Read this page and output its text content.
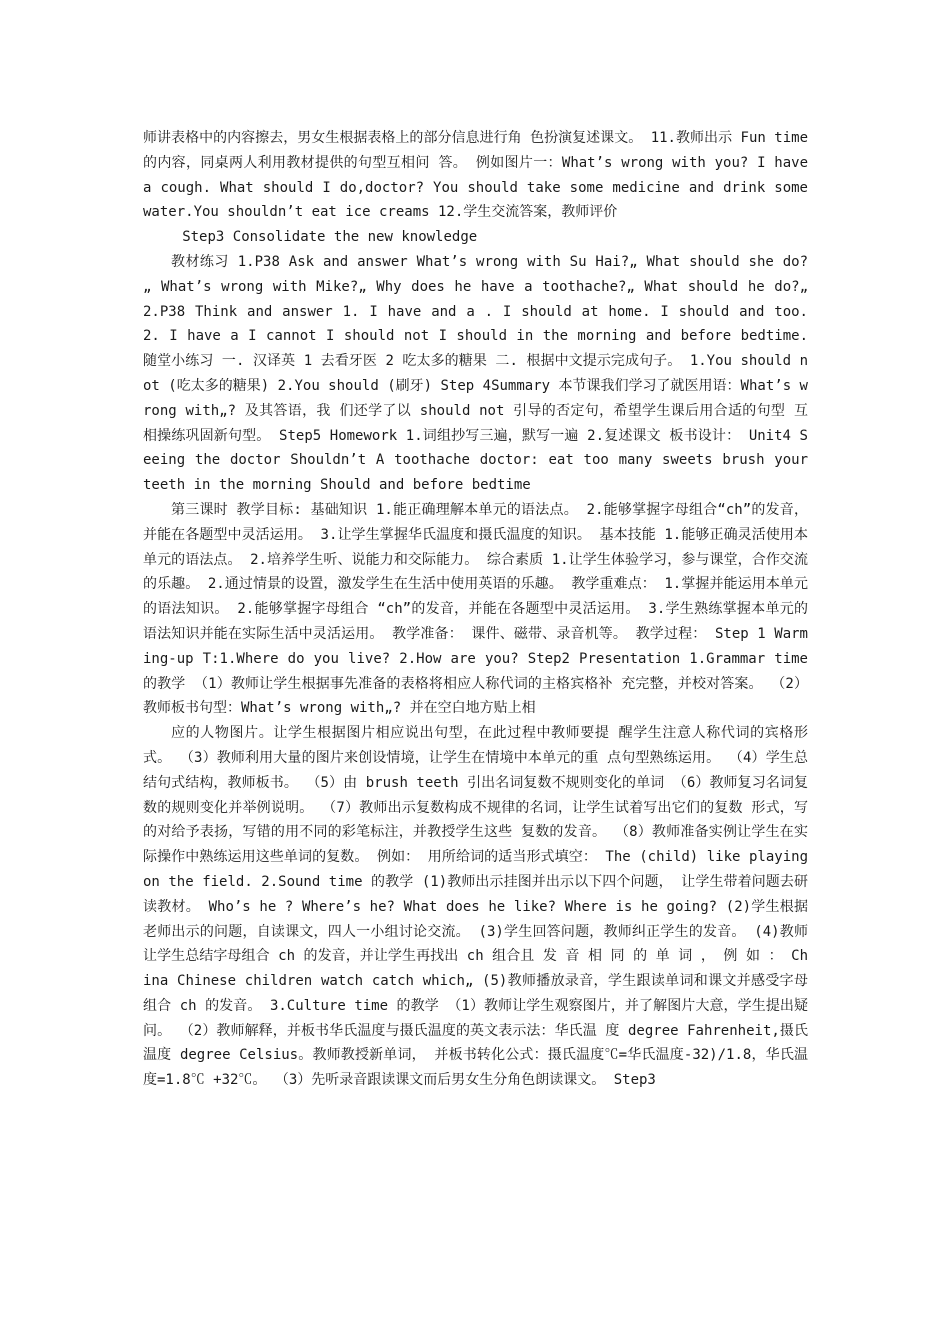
师讲表格中的内容擦去，男女生根据表格上的部分信息进行角 色扮演复述课文。 11.教师出示 Fun time 的内容，同桌两人利用教材提供的句型互相问 答。 例如图片一：What’s wrong with you? I have a cough. What should I do,doctor? You should take some medicine and drink some water.You shouldn’t eat ice creams 12.学生交流答案，教师评价

Step3 Consolidate the new knowledge

教材练习 1.P38 Ask and answer What’s wrong with Su Hai?„ What should she do?„ What’s wrong with Mike?„ Why does he have a toothache?„ What should he do?„ 2.P38 Think and answer 1. I have and a . I should at home. I should and too. 2. I have a I cannot I should not I should in the morning and before bedtime. 随堂小练习 一. 汉译英 1 去看牙医 2 吃太多的糖果 二. 根据中文提示完成句子。 1.You should not (吃太多的糖果) 2.You should (刷牙) Step 4Summary 本节课我们学习了就医用语：What’s wrong with„? 及其答语，我 们还学了以 should not 引导的否定句，希望学生课后用合适的句型 互相操练巩固新句型。 Step5 Homework 1.词组抄写三遍，默写一遍 2.复述课文 板书设计： Unit4 Seeing the doctor Shouldn’t A toothache doctor: eat too many sweets brush your teeth in the morning Should and before bedtime

第三课时 教学目标: 基础知识 1.能正确理解本单元的语法点。 2.能够掌握字母组合“ch”的发音，并能在各题型中灵活运用。 3.让学生掌握华氏温度和摄氏温度的知识。 基本技能 1.能够正确灵活使用本单元的语法点。 2.培养学生听、说能力和交际能力。 综合素质 1.让学生体验学习，参与课堂，合作交流的乐趣。 2.通过情景的设置，激发学生在生活中使用英语的乐趣。 教学重难点： 1.掌握并能运用本单元的语法知识。 2.能够掌握字母组合 “ch”的发音，并能在各题型中灵活运用。 3.学生熟练掌握本单元的语法知识并能在实际生活中灵活运用。 教学准备： 课件、磁带、录音机等。 教学过程： Step 1 Warming-up T:1.Where do you live? 2.How are you? Step2 Presentation 1.Grammar time 的教学 （1）教师让学生根据事先准备的表格将相应人称代词的主格宾格补 充完整，并校对答案。 （2）教师板书句型：What’s wrong with„? 并在空白地方贴上相

应的人物图片。让学生根据图片相应说出句型，在此过程中教师要提 醒学生注意人称代词的宾格形式。 （3）教师利用大量的图片来创设情境，让学生在情境中本单元的重 点句型熟练运用。 （4）学生总结句式结构，教师板书。 （5）由 brush teeth 引出名词复数不规则变化的单词 （6）教师复习名词复数的规则变化并举例说明。 （7）教师出示复数构成不规律的名词，让学生试着写出它们的复数 形式，写的对给予表扬，写错的用不同的彩笔标注，并教授学生这些 复数的发音。 （8）教师准备实例让学生在实际操作中熟练运用这些单词的复数。 例如： 用所给词的适当形式填空： The (child) like playing on the field. 2.Sound time 的教学 (1)教师出示挂图并出示以下四个问题， 让学生带着问题去研读教材。 Who’s he ? Where’s he? What does he like? Where is he going? (2)学生根据老师出示的问题，自读课文，四人一小组讨论交流。 (3)学生回答问题，教师纠正学生的发音。 (4)教师让学生总结字母组合 ch 的发音，并让学生再找出 ch 组合且 发 音 相 同 的 单 词 ， 例 如 ： China Chinese children watch catch which„ (5)教师播放录音，学生跟读单词和课文并感受字母组合 ch 的发音。 3.Culture time 的教学 （1）教师让学生观察图片，并了解图片大意，学生提出疑问。 （2）教师解释，并板书华氏温度与摄氏温度的英文表示法：华氏温 度 degree Fahrenheit,摄氏温度 degree Celsius。教师教授新单词， 并板书转化公式：摄氏温度℃=华氏温度-32)/1.8，华氏温度=1.8℃ +32℃。 （3）先听录音跟读课文而后男女生分角色朗读课文。 Step3
